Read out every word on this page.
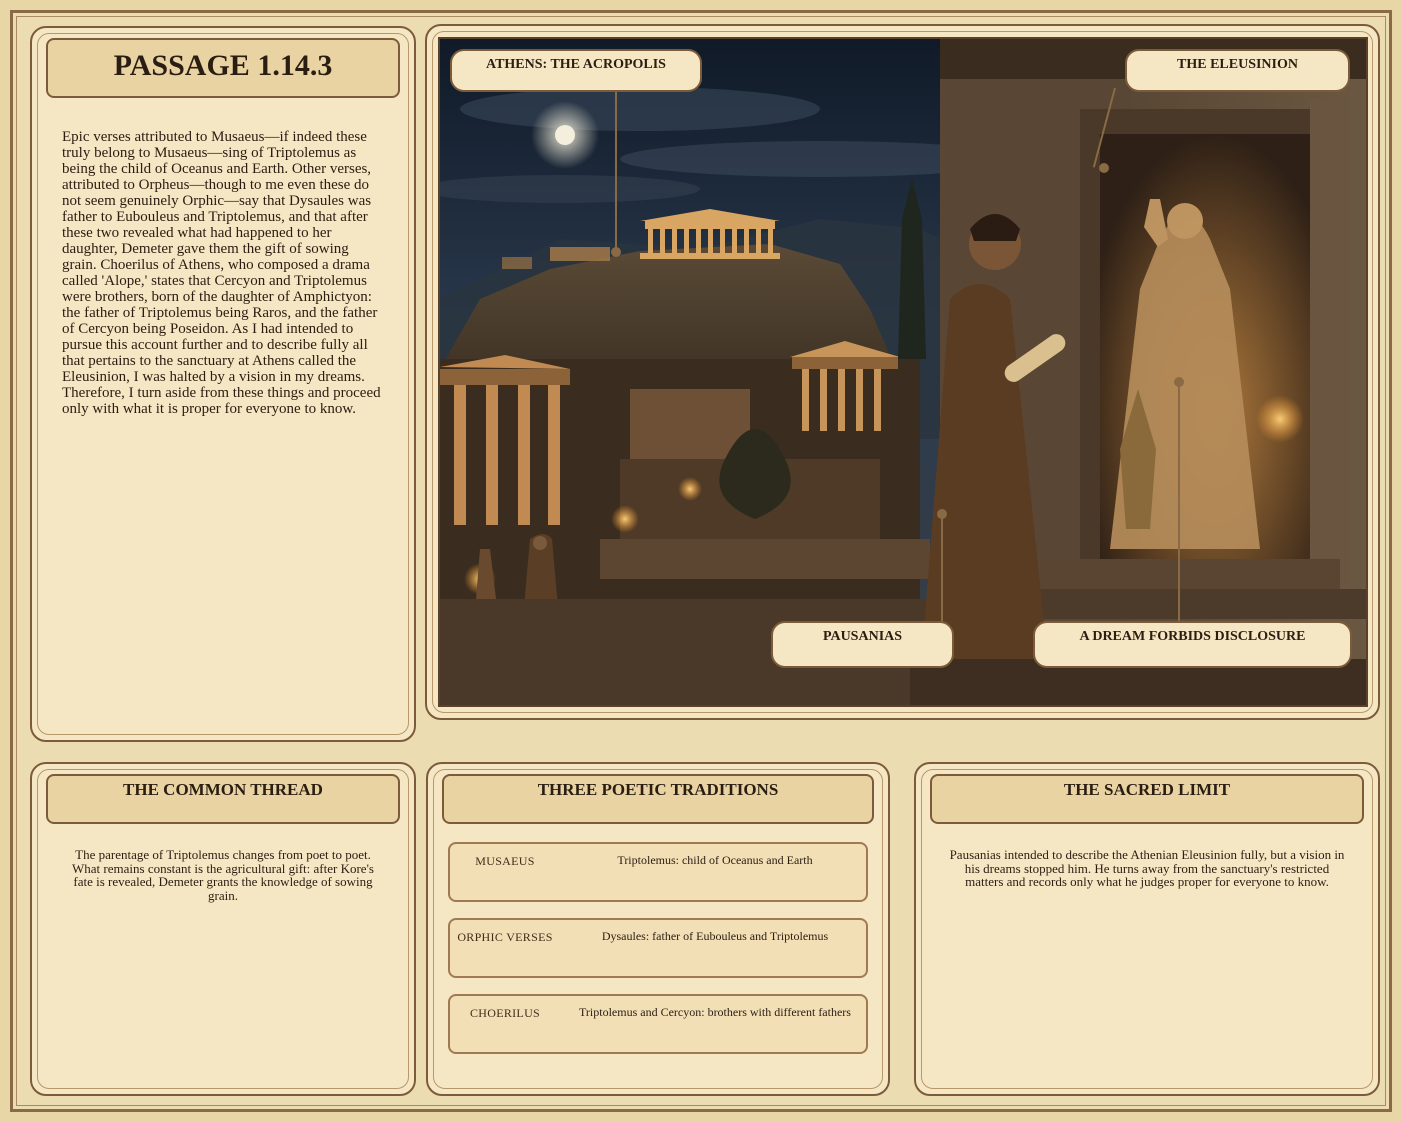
PASSAGE 1.14.3
Epic verses attributed to Musaeus—if indeed these truly belong to Musaeus—sing of Triptolemus as being the child of Oceanus and Earth. Other verses, attributed to Orpheus—though to me even these do not seem genuinely Orphic—say that Dysaules was father to Eubouleus and Triptolemus, and that after these two revealed what had happened to her daughter, Demeter gave them the gift of sowing grain. Choerilus of Athens, who composed a drama called 'Alope,' states that Cercyon and Triptolemus were brothers, born of the daughter of Amphictyon: the father of Triptolemus being Raros, and the father of Cercyon being Poseidon. As I had intended to pursue this account further and to describe fully all that pertains to the sanctuary at Athens called the Eleusinion, I was halted by a vision in my dreams. Therefore, I turn aside from these things and proceed only with what it is proper for everyone to know.
ATHENS: THE ACROPOLIS	THE ELEUSINION
PAUSANIAS	A DREAM FORBIDS DISCLOSURE
THE COMMON THREAD
The parentage of Triptolemus changes from poet to poet. What remains constant is the agricultural gift: after Kore's fate is revealed, Demeter grants the knowledge of sowing grain.
THREE POETIC TRADITIONS
MUSAEUS	Triptolemus: child of Oceanus and Earth
ORPHIC VERSES	Dysaules: father of Eubouleus and Triptolemus
CHOERILUS	Triptolemus and Cercyon: brothers with different fathers
THE SACRED LIMIT
Pausanias intended to describe the Athenian Eleusinion fully, but a vision in his dreams stopped him. He turns away from the sanctuary's restricted matters and records only what he judges proper for everyone to know.
